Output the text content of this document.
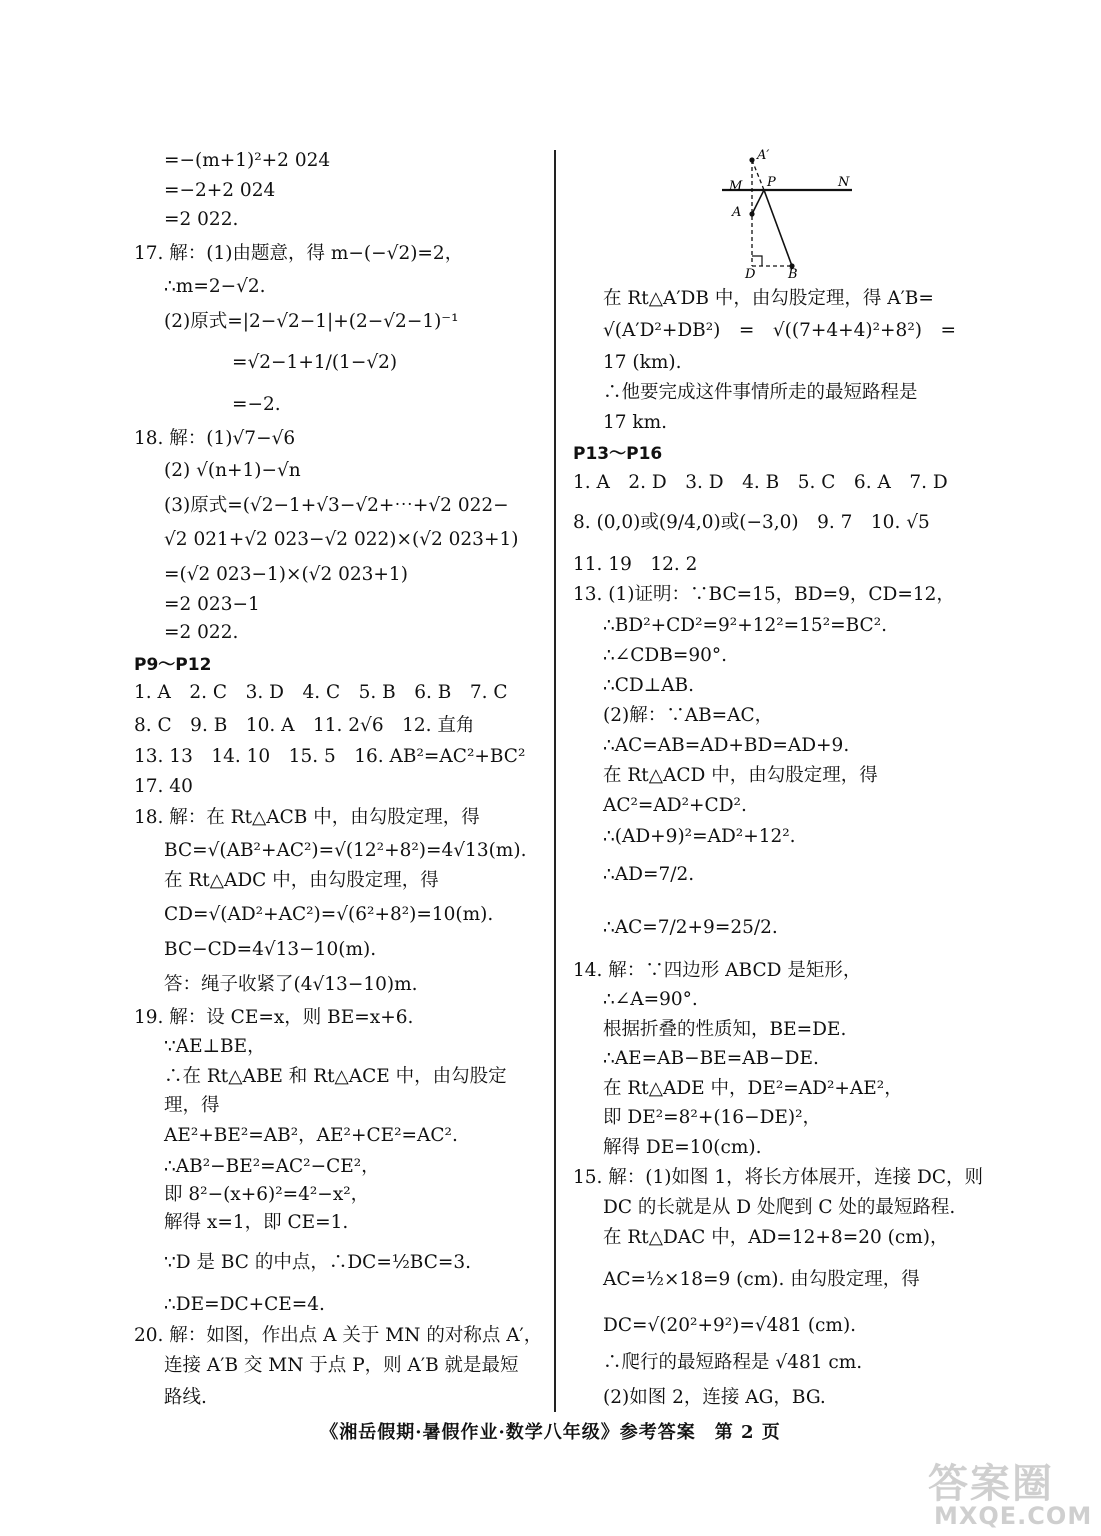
=−(m+1)²+2 024
=−2+2 024
=2 022.
17. 解：(1)由题意，得 m−(−√2)=2，
∴m=2−√2.
(2)原式=|2−√2−1|+(2−√2−1)⁻¹
=√2−1+1/(1−√2)
=−2.
18. 解：(1)√7−√6
(2) √(n+1)−√n
(3)原式=(√2−1+√3−√2+⋯+√2 022−
√2 021+√2 023−√2 022)×(√2 023+1)
=(√2 023−1)×(√2 023+1)
=2 023−1
=2 022.
P9～P12
1. A　2. C　3. D　4. C　5. B　6. B　7. C
8. C　9. B　10. A　11. 2√6　12. 直角
13. 13　14. 10　15. 5　16. AB²=AC²+BC²
17. 40
18. 解：在 Rt△ACB 中，由勾股定理，得
BC=√(AB²+AC²)=√(12²+8²)=4√13(m).
在 Rt△ADC 中，由勾股定理，得
CD=√(AD²+AC²)=√(6²+8²)=10(m).
BC−CD=4√13−10(m).
答：绳子收紧了(4√13−10)m.
19. 解：设 CE=x，则 BE=x+6.
∵AE⊥BE，
∴在 Rt△ABE 和 Rt△ACE 中，由勾股定
理，得
AE²+BE²=AB²，AE²+CE²=AC².
∴AB²−BE²=AC²−CE²，
即 8²−(x+6)²=4²−x²，
解得 x=1，即 CE=1.
∵D 是 BC 的中点，∴DC=½BC=3.
∴DE=DC+CE=4.
20. 解：如图，作出点 A 关于 MN 的对称点 A′，
连接 A′B 交 MN 于点 P，则 A′B 就是最短
路线.
A′
M P	N
A
D	B
在 Rt△A′DB 中，由勾股定理，得 A′B=
√(A′D²+DB²)　=　√((7+4+4)²+8²)　=
17 (km).
∴他要完成这件事情所走的最短路程是
17 km.
P13～P16
1. A　2. D　3. D　4. B　5. C　6. A　7. D
8. (0,0)或(9/4,0)或(−3,0)　9. 7　10. √5
11. 19　12. 2
13. (1)证明：∵BC=15，BD=9，CD=12，
∴BD²+CD²=9²+12²=15²=BC².
∴∠CDB=90°.
∴CD⊥AB.
(2)解：∵AB=AC，
∴AC=AB=AD+BD=AD+9.
在 Rt△ACD 中，由勾股定理，得
AC²=AD²+CD².
∴(AD+9)²=AD²+12².
∴AD=7/2.
∴AC=7/2+9=25/2.
14. 解：∵四边形 ABCD 是矩形，
∴∠A=90°.
根据折叠的性质知，BE=DE.
∴AE=AB−BE=AB−DE.
在 Rt△ADE 中，DE²=AD²+AE²，
即 DE²=8²+(16−DE)²，
解得 DE=10(cm).
15. 解：(1)如图 1，将长方体展开，连接 DC，则
DC 的长就是从 D 处爬到 C 处的最短路程.
在 Rt△DAC 中，AD=12+8=20 (cm)，
AC=½×18=9 (cm). 由勾股定理，得
DC=√(20²+9²)=√481 (cm).
∴爬行的最短路程是 √481 cm.
(2)如图 2，连接 AG，BG.
《湘岳假期·暑假作业·数学八年级》参考答案　第 2 页
答案圈
MXQE.COM
